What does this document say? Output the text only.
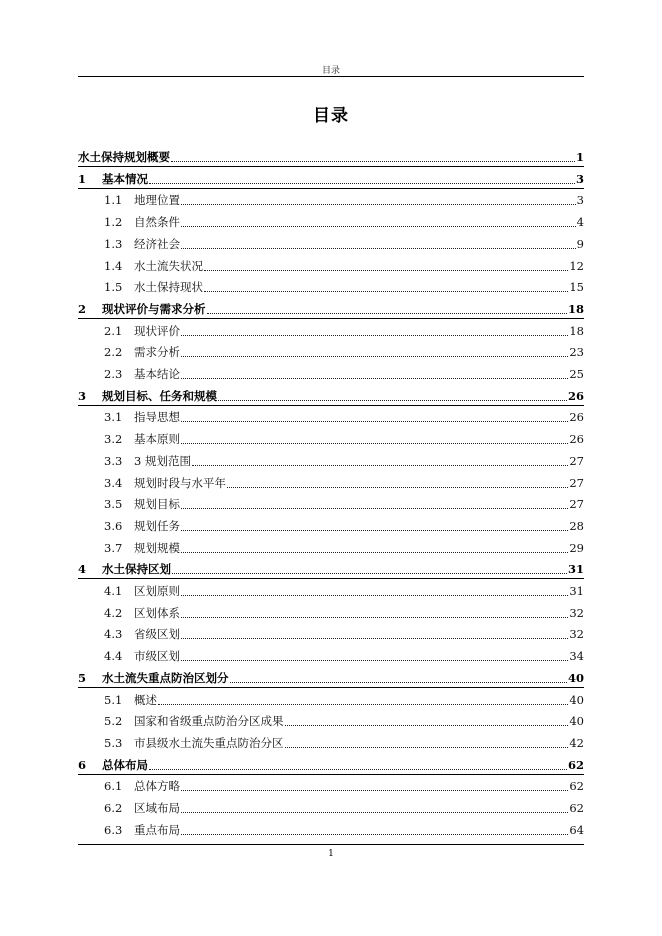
目录
目录
水土保持规划概要	1
1	基本情况	3
1.1	地理位置	3
1.2	自然条件	4
1.3	经济社会	9
1.4	水土流失状况	12
1.5	水土保持现状	15
2	现状评价与需求分析	18
2.1	现状评价	18
2.2	需求分析	23
2.3	基本结论	25
3	规划目标、任务和规模	26
3.1	指导思想	26
3.2	基本原则	26
3.3	3 规划范围	27
3.4	规划时段与水平年	27
3.5	规划目标	27
3.6	规划任务	28
3.7	规划规模	29
4	水土保持区划	31
4.1	区划原则	31
4.2	区划体系	32
4.3	省级区划	32
4.4	市级区划	34
5	水土流失重点防治区划分	40
5.1	概述	40
5.2	国家和省级重点防治分区成果	40
5.3	市县级水土流失重点防治分区	42
6	总体布局	62
6.1	总体方略	62
6.2	区域布局	62
6.3	重点布局	64
1
